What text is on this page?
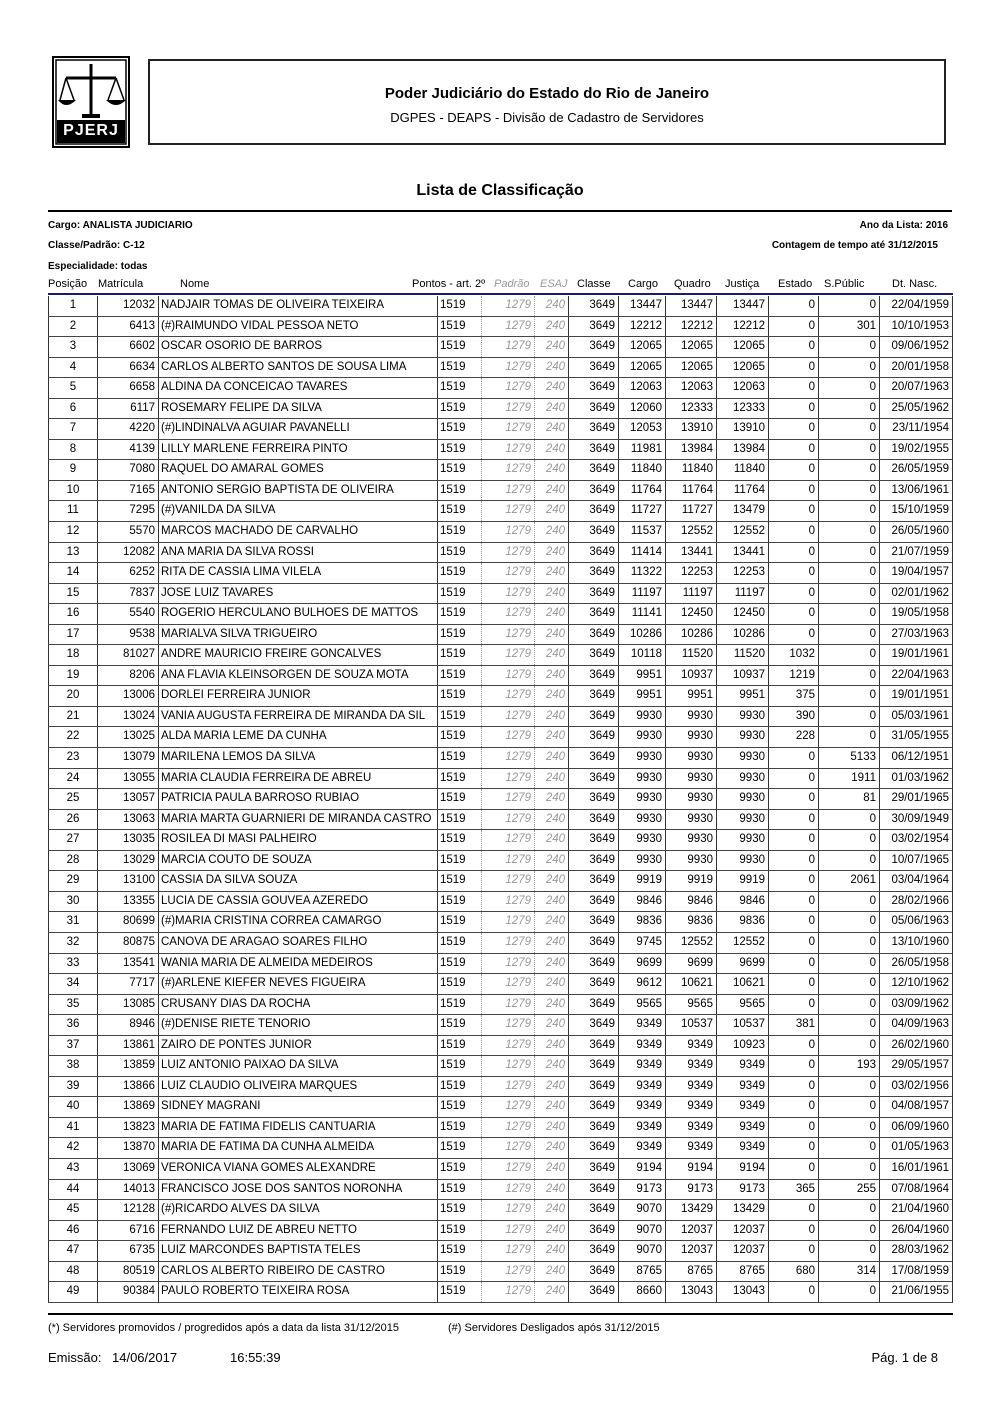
PJERJ
Poder Judiciário do Estado do Rio de Janeiro
DGPES - DEAPS - Divisão de Cadastro de Servidores
Lista de Classificação
Cargo: ANALISTA JUDICIARIO	Ano da Lista: 2016
Classe/Padrão: C-12	Contagem de tempo até 31/12/2015
Especialidade: todas
Posição Matrícula	Nome	Pontos - art. 2º Padrão ESAJ Classe Cargo Quadro Justiça Estado S.Públic	Dt. Nasc.
1	12032 NADJAIR TOMAS DE OLIVEIRA TEIXEIRA	1519	1279	240	3649	13447	13447	13447	0	0	22/04/1959
2	6413 (#)RAIMUNDO VIDAL PESSOA NETO	1519	1279	240	3649	12212	12212	12212	0	301	10/10/1953
3	6602 OSCAR OSORIO DE BARROS	1519	1279	240	3649	12065	12065	12065	0	0	09/06/1952
4	6634 CARLOS ALBERTO SANTOS DE SOUSA LIMA	1519	1279	240	3649	12065	12065	12065	0	0	20/01/1958
5	6658 ALDINA DA CONCEICAO TAVARES	1519	1279	240	3649	12063	12063	12063	0	0	20/07/1963
6	6117 ROSEMARY FELIPE DA SILVA	1519	1279	240	3649	12060	12333	12333	0	0	25/05/1962
7	4220 (#)LINDINALVA AGUIAR PAVANELLI	1519	1279	240	3649	12053	13910	13910	0	0	23/11/1954
8	4139 LILLY MARLENE FERREIRA PINTO	1519	1279	240	3649	11981	13984	13984	0	0	19/02/1955
9	7080 RAQUEL DO AMARAL GOMES	1519	1279	240	3649	11840	11840	11840	0	0	26/05/1959
10	7165 ANTONIO SERGIO BAPTISTA DE OLIVEIRA	1519	1279	240	3649	11764	11764	11764	0	0	13/06/1961
11	7295 (#)VANILDA DA SILVA	1519	1279	240	3649	11727	11727	13479	0	0	15/10/1959
12	5570 MARCOS MACHADO DE CARVALHO	1519	1279	240	3649	11537	12552	12552	0	0	26/05/1960
13	12082 ANA MARIA DA SILVA ROSSI	1519	1279	240	3649	11414	13441	13441	0	0	21/07/1959
14	6252 RITA DE CASSIA LIMA VILELA	1519	1279	240	3649	11322	12253	12253	0	0	19/04/1957
15	7837 JOSE LUIZ TAVARES	1519	1279	240	3649	11197	11197	11197	0	0	02/01/1962
16	5540 ROGERIO HERCULANO BULHOES DE MATTOS	1519	1279	240	3649	11141	12450	12450	0	0	19/05/1958
17	9538 MARIALVA SILVA TRIGUEIRO	1519	1279	240	3649	10286	10286	10286	0	0	27/03/1963
18	81027 ANDRE MAURICIO FREIRE GONCALVES	1519	1279	240	3649	10118	11520	11520	1032	0	19/01/1961
19	8206 ANA FLAVIA KLEINSORGEN DE SOUZA MOTA	1519	1279	240	3649	9951	10937	10937	1219	0	22/04/1963
20	13006 DORLEI FERREIRA JUNIOR	1519	1279	240	3649	9951	9951	9951	375	0	19/01/1951
21	13024 VANIA AUGUSTA FERREIRA DE MIRANDA DA SIL	1519	1279	240	3649	9930	9930	9930	390	0	05/03/1961
22	13025 ALDA MARIA LEME DA CUNHA	1519	1279	240	3649	9930	9930	9930	228	0	31/05/1955
23	13079 MARILENA LEMOS DA SILVA	1519	1279	240	3649	9930	9930	9930	0	5133	06/12/1951
24	13055 MARIA CLAUDIA FERREIRA DE ABREU	1519	1279	240	3649	9930	9930	9930	0	1911	01/03/1962
25	13057 PATRICIA PAULA BARROSO RUBIAO	1519	1279	240	3649	9930	9930	9930	0	81	29/01/1965
26	13063 MARIA MARTA GUARNIERI DE MIRANDA CASTRO 1519	1279	240	3649	9930	9930	9930	0	0	30/09/1949
27	13035 ROSILEA DI MASI PALHEIRO	1519	1279	240	3649	9930	9930	9930	0	0	03/02/1954
28	13029 MARCIA COUTO DE SOUZA	1519	1279	240	3649	9930	9930	9930	0	0	10/07/1965
29	13100 CASSIA DA SILVA SOUZA	1519	1279	240	3649	9919	9919	9919	0	2061	03/04/1964
30	13355 LUCIA DE CASSIA GOUVEA AZEREDO	1519	1279	240	3649	9846	9846	9846	0	0	28/02/1966
31	80699 (#)MARIA CRISTINA CORREA CAMARGO	1519	1279	240	3649	9836	9836	9836	0	0	05/06/1963
32	80875 CANOVA DE ARAGAO SOARES FILHO	1519	1279	240	3649	9745	12552	12552	0	0	13/10/1960
33	13541 WANIA MARIA DE ALMEIDA MEDEIROS	1519	1279	240	3649	9699	9699	9699	0	0	26/05/1958
34	7717 (#)ARLENE KIEFER NEVES FIGUEIRA	1519	1279	240	3649	9612	10621	10621	0	0	12/10/1962
35	13085 CRUSANY DIAS DA ROCHA	1519	1279	240	3649	9565	9565	9565	0	0	03/09/1962
36	8946 (#)DENISE RIETE TENORIO	1519	1279	240	3649	9349	10537	10537	381	0	04/09/1963
37	13861 ZAIRO DE PONTES JUNIOR	1519	1279	240	3649	9349	9349	10923	0	0	26/02/1960
38	13859 LUIZ ANTONIO PAIXAO DA SILVA	1519	1279	240	3649	9349	9349	9349	0	193	29/05/1957
39	13866 LUIZ CLAUDIO OLIVEIRA MARQUES	1519	1279	240	3649	9349	9349	9349	0	0	03/02/1956
40	13869 SIDNEY MAGRANI	1519	1279	240	3649	9349	9349	9349	0	0	04/08/1957
41	13823 MARIA DE FATIMA FIDELIS CANTUARIA	1519	1279	240	3649	9349	9349	9349	0	0	06/09/1960
42	13870 MARIA DE FATIMA DA CUNHA ALMEIDA	1519	1279	240	3649	9349	9349	9349	0	0	01/05/1963
43	13069 VERONICA VIANA GOMES ALEXANDRE	1519	1279	240	3649	9194	9194	9194	0	0	16/01/1961
44	14013 FRANCISCO JOSE DOS SANTOS NORONHA	1519	1279	240	3649	9173	9173	9173	365	255	07/08/1964
45	12128 (#)RICARDO ALVES DA SILVA	1519	1279	240	3649	9070	13429	13429	0	0	21/04/1960
46	6716 FERNANDO LUIZ DE ABREU NETTO	1519	1279	240	3649	9070	12037	12037	0	0	26/04/1960
47	6735 LUIZ MARCONDES BAPTISTA TELES	1519	1279	240	3649	9070	12037	12037	0	0	28/03/1962
48	80519 CARLOS ALBERTO RIBEIRO DE CASTRO	1519	1279	240	3649	8765	8765	8765	680	314	17/08/1959
49	90384 PAULO ROBERTO TEIXEIRA ROSA	1519	1279	240	3649	8660	13043	13043	0	0	21/06/1955
(*) Servidores promovidos / progredidos após a data da lista 31/12/2015	(#) Servidores Desligados após 31/12/2015
Emissão: 14/06/2017	16:55:39	Pág. 1 de 8
